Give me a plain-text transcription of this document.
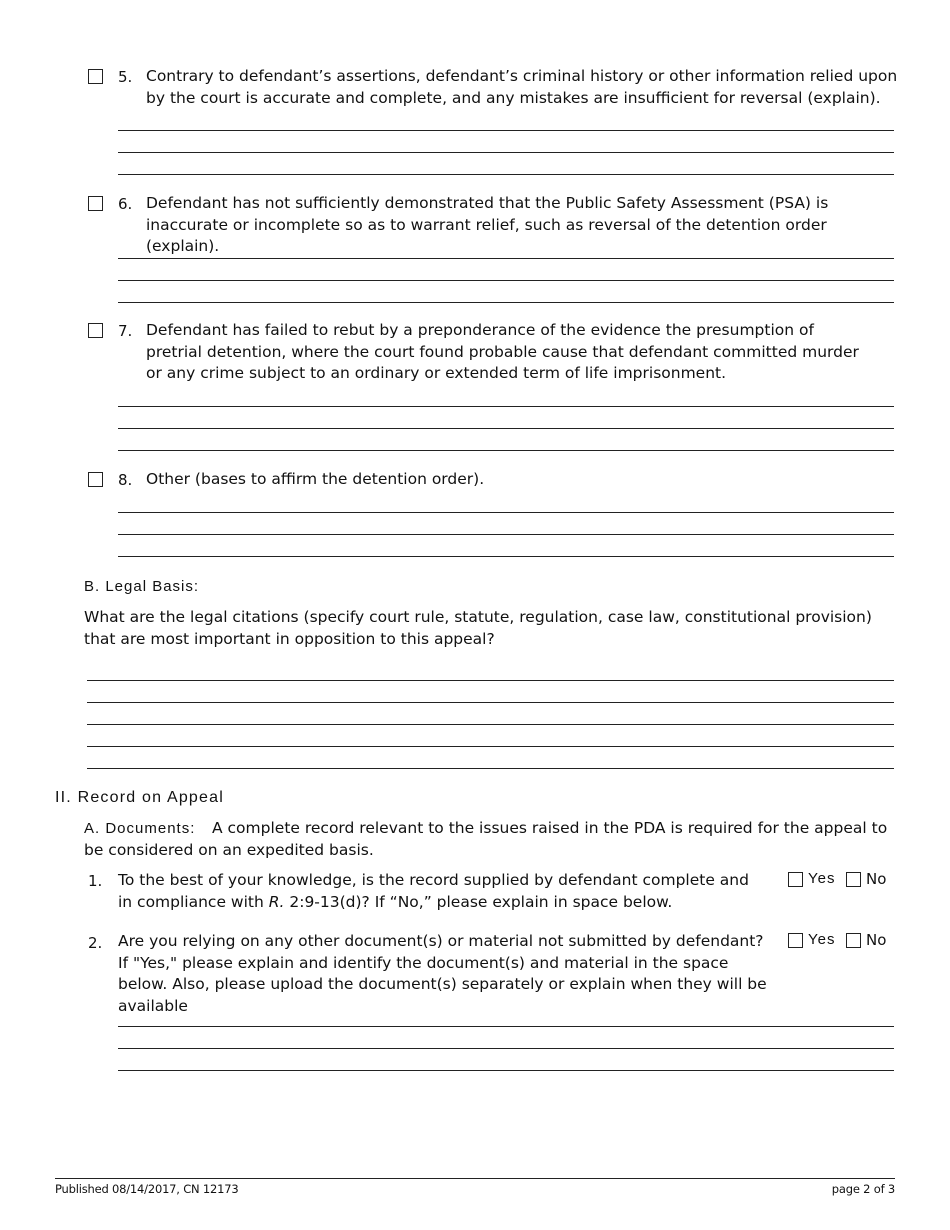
5. Contrary to defendant’s assertions, defendant’s criminal history or other information relied upon by the court is accurate and complete, and any mistakes are insufficient for reversal (explain).
6. Defendant has not sufficiently demonstrated that the Public Safety Assessment (PSA) is inaccurate or incomplete so as to warrant relief, such as reversal of the detention order (explain).
7. Defendant has failed to rebut by a preponderance of the evidence the presumption of pretrial detention, where the court found probable cause that defendant committed murder or any crime subject to an ordinary or extended term of life imprisonment.
8. Other (bases to affirm the detention order).
B. Legal Basis:
What are the legal citations (specify court rule, statute, regulation, case law, constitutional provision) that are most important in opposition to this appeal?
II. Record on Appeal
A. Documents:	A complete record relevant to the issues raised in the PDA is required for the appeal to be considered on an expedited basis.
1. To the best of your knowledge, is the record supplied by defendant complete and in compliance with R. 2:9-13(d)? If “No,” please explain in space below.
Yes No
2. Are you relying on any other document(s) or material not submitted by defendant? If "Yes," please explain and identify the document(s) and material in the space below. Also, please upload the document(s) separately or explain when they will be available
Yes No
Published 08/14/2017, CN 12173	page 2 of 3
